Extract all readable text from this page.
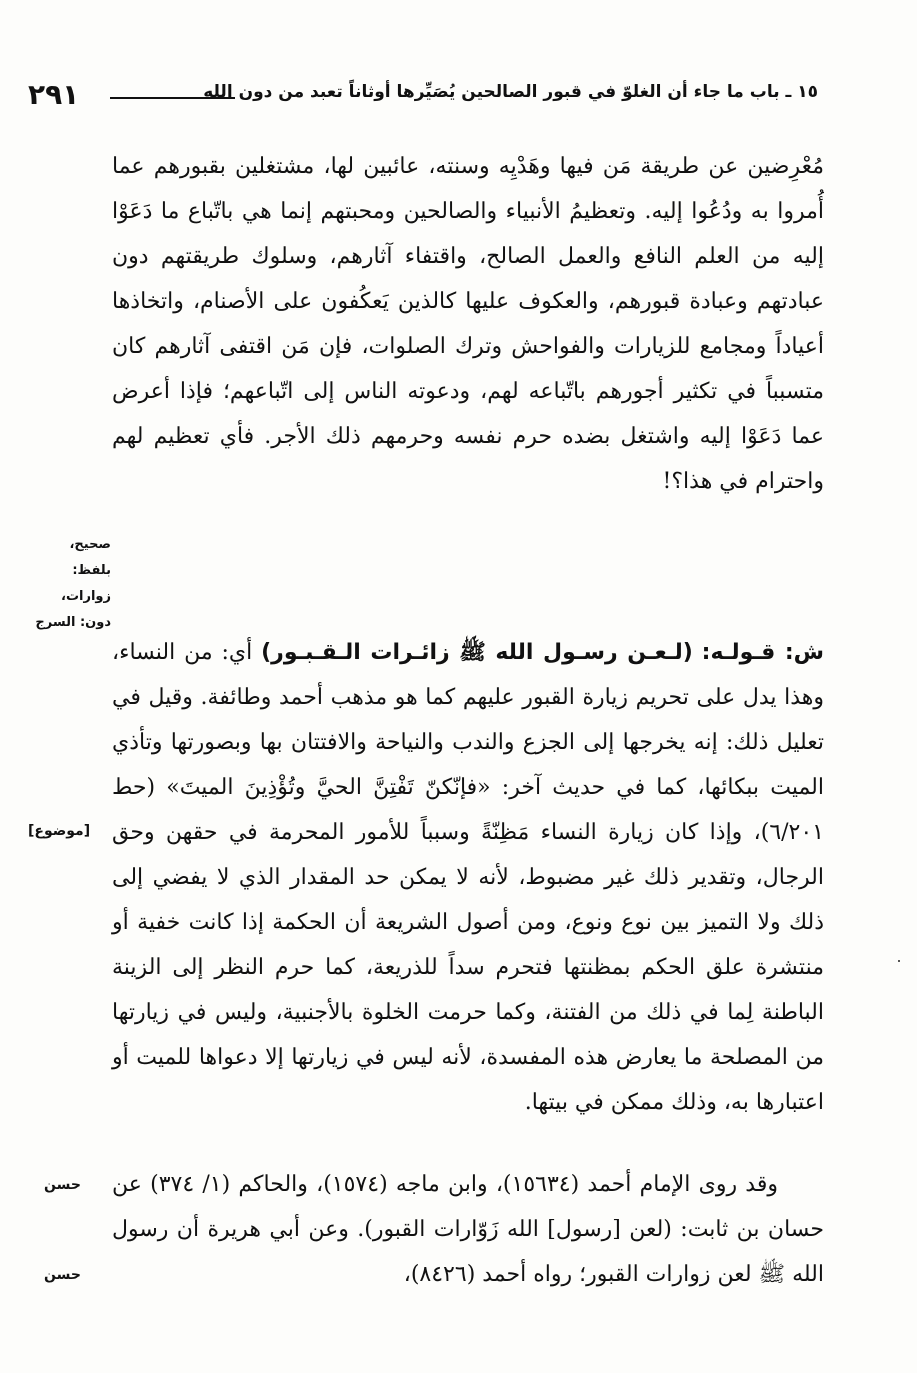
٢٩١	١٥ ـ باب ما جاء أن الغلوّ في قبور الصالحين يُصَيِّرها أوثاناً تعبد من دون الله
مُعْرِضين عن طريقة مَن فيها وهَدْيِه وسنته، عائبين لها، مشتغلين بقبورهم عما أُمروا به ودُعُوا إليه. وتعظيمُ الأنبياء والصالحين ومحبتهم إنما هي باتّباع ما دَعَوْا إليه من العلم النافع والعمل الصالح، واقتفاء آثارهم، وسلوك طريقتهم دون عبادتهم وعبادة قبورهم، والعكوف عليها كالذين يَعكُفون على الأصنام، واتخاذها أعياداً ومجامع للزيارات والفواحش وترك الصلوات، فإن مَن اقتفى آثارهم كان متسبباً في تكثير أجورهم باتّباعه لهم، ودعوته الناس إلى اتّباعهم؛ فإذا أعرض عما دَعَوْا إليه واشتغل بضده حرم نفسه وحرمهم ذلك الأجر. فأي تعظيم لهم واحترام في هذا؟!
صحيح،
بلفظ:
زوارات،
دون: السرج
ش: قـولـه: (لـعـن رسـول الله ﷺ زائـرات الـقـبـور) أي: من النساء، وهذا يدل على تحريم زيارة القبور عليهم كما هو مذهب أحمد وطائفة. وقيل في تعليل ذلك: إنه يخرجها إلى الجزع والندب والنياحة والافتتان بها وبصورتها وتأذي الميت ببكائها، كما في حديث آخر: «فإنّكنّ تَفْتِنَّ الحيَّ وتُؤْذِينَ الميتَ» (حط ٦/٢٠١)، وإذا كان زيارة النساء مَظِنّةً وسبباً للأمور المحرمة في حقهن وحق الرجال، وتقدير ذلك غير مضبوط، لأنه لا يمكن حد المقدار الذي لا يفضي إلى ذلك ولا التميز بين نوع ونوع، ومن أصول الشريعة أن الحكمة إذا كانت خفية أو منتشرة علق الحكم بمظنتها فتحرم سداً للذريعة، كما حرم النظر إلى الزينة الباطنة لِما في ذلك من الفتنة، وكما حرمت الخلوة بالأجنبية، وليس في زيارتها من المصلحة ما يعارض هذه المفسدة، لأنه ليس في زيارتها إلا دعواها للميت أو اعتبارها به، وذلك ممكن في بيتها.
[موضوع]
وقد روى الإمام أحمد (١٥٦٣٤)، وابن ماجه (١٥٧٤)، والحاكم (١/ ٣٧٤) عن حسان بن ثابت: (لعن [رسول] الله زَوّارات القبور). وعن أبي هريرة أن رسول الله ﷺ لعن زوارات القبور؛ رواه أحمد (٨٤٢٦)،
حسن
حسن
